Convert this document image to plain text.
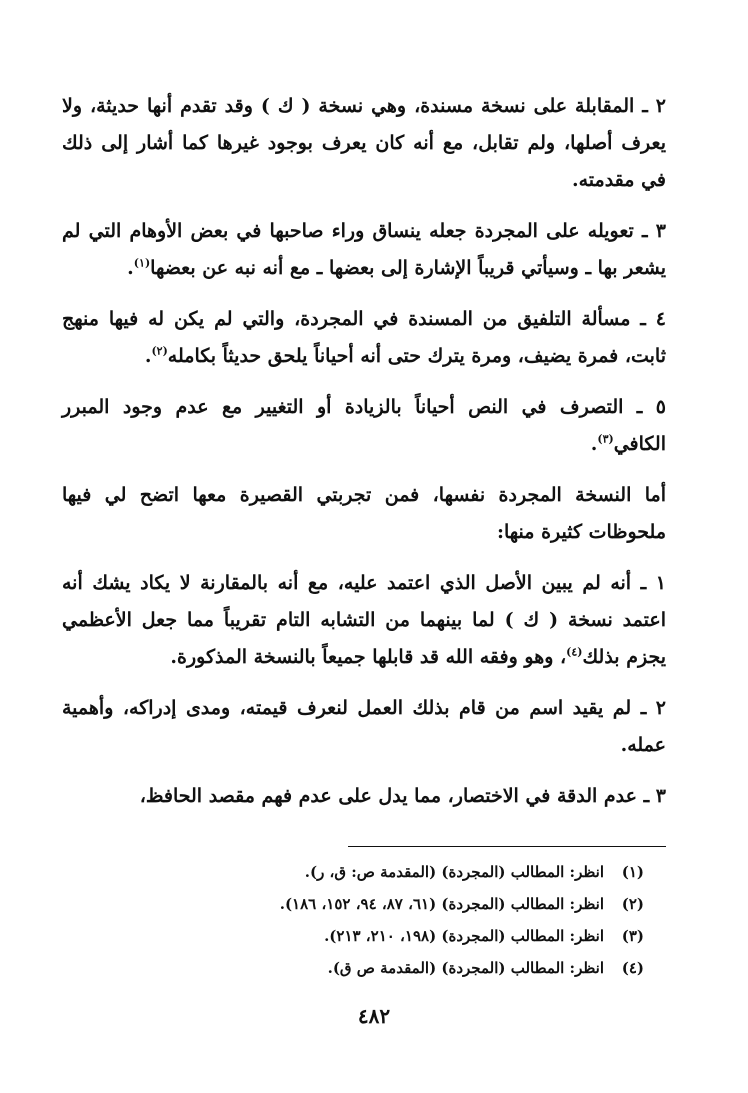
٢ ـ المقابلة على نسخة مسندة، وهي نسخة ( ك ) وقد تقدم أنها حديثة، ولا يعرف أصلها، ولم تقابل، مع أنه كان يعرف بوجود غيرها كما أشار إلى ذلك في مقدمته.

٣ ـ تعويله على المجردة جعله ينساق وراء صاحبها في بعض الأوهام التي لم يشعر بها ـ وسيأتي قريباً الإشارة إلى بعضها ـ مع أنه نبه عن بعضها$^{(١)}$.

٤ ـ مسألة التلفيق من المسندة في المجردة، والتي لم يكن له فيها منهج ثابت، فمرة يضيف، ومرة يترك حتى أنه أحياناً يلحق حديثاً بكامله$^{(٢)}$.

٥ ـ التصرف في النص أحياناً بالزيادة أو التغيير مع عدم وجود المبرر الكافي$^{(٣)}$.

أما النسخة المجردة نفسها، فمن تجربتي القصيرة معها اتضح لي فيها ملحوظات كثيرة منها:

١ ـ أنه لم يبين الأصل الذي اعتمد عليه، مع أنه بالمقارنة لا يكاد يشك أنه اعتمد نسخة ( ك ) لما بينهما من التشابه التام تقريباً مما جعل الأعظمي يجزم بذلك$^{(٤)}$، وهو وفقه الله قد قابلها جميعاً بالنسخة المذكورة.

٢ ـ لم يقيد اسم من قام بذلك العمل لنعرف قيمته، ومدى إدراكه، وأهمية عمله.

٣ ـ عدم الدقة في الاختصار، مما يدل على عدم فهم مقصد الحافظ،

(١)
انظر: المطالب (المجردة) (المقدمة ص: ق، ر).
(٢)
انظر: المطالب (المجردة) (٦١، ٨٧، ٩٤، ١٥٢، ١٨٦).
(٣)
انظر: المطالب (المجردة) (١٩٨، ٢١٠، ٢١٣).
(٤)
انظر: المطالب (المجردة) (المقدمة ص ق).
٤٨٢
